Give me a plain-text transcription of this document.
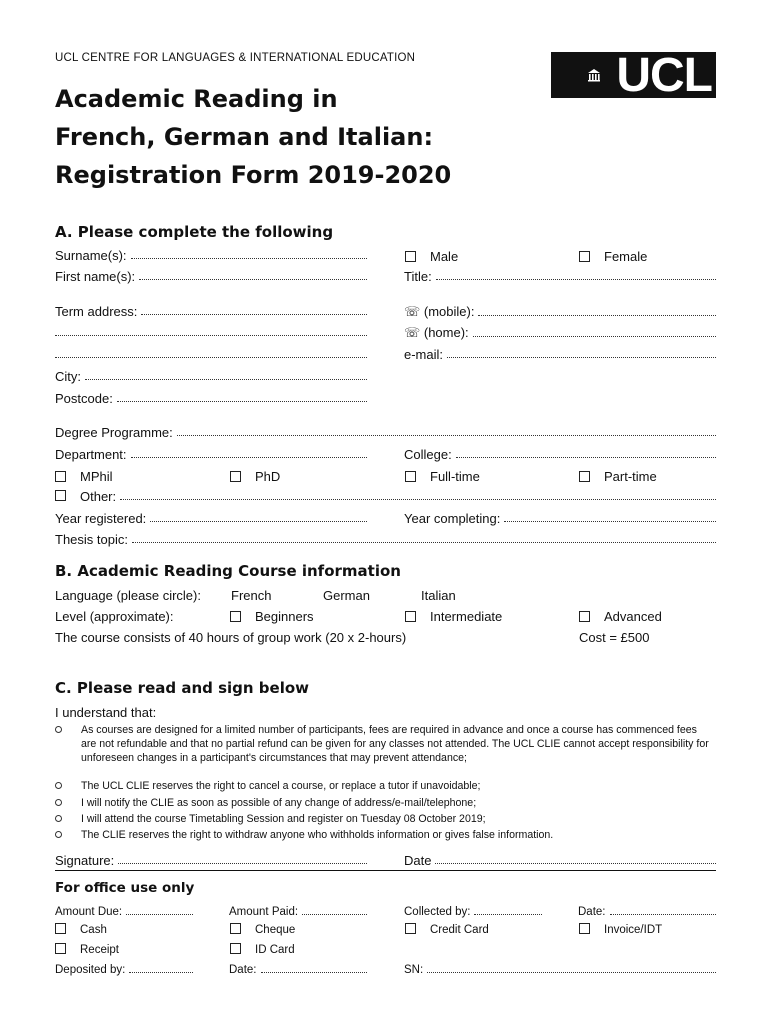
UCL CENTRE FOR LANGUAGES & INTERNATIONAL EDUCATION	UCL
Academic Reading in
French, German and Italian:
Registration Form 2019-2020
A. Please complete the following
Surname(s):	Male	Female
First name(s):	Title:
Term address:	☏ (mobile):
☏ (home):
e-mail:
City:
Postcode:
Degree Programme:
Department:	College:
MPhil	PhD	Full-time	Part-time
Other:
Year registered:	Year completing:
Thesis topic:
B. Academic Reading Course information
Language (please circle): French	German	Italian
Level (approximate):	Beginners	Intermediate	Advanced
The course consists of 40 hours of group work (20 x 2-hours)	Cost = £500
C. Please read and sign below
I understand that:
As courses are designed for a limited number of participants, fees are required in advance and once a course has commenced fees are not refundable and that no partial refund can be given for any classes not attended. The UCL CLIE cannot accept responsibility for unforeseen changes in a participant's circumstances that may prevent attendance;
The UCL CLIE reserves the right to cancel a course, or replace a tutor if unavoidable;
I will notify the CLIE as soon as possible of any change of address/e-mail/telephone;
I will attend the course Timetabling Session and register on Tuesday 08 October 2019;
The CLIE reserves the right to withdraw anyone who withholds information or gives false information.
Signature:	Date
For office use only
Amount Due:	Amount Paid:	Collected by:	Date:
Cash	Cheque	Credit Card	Invoice/IDT
Receipt	ID Card
Deposited by:	Date:	SN:
